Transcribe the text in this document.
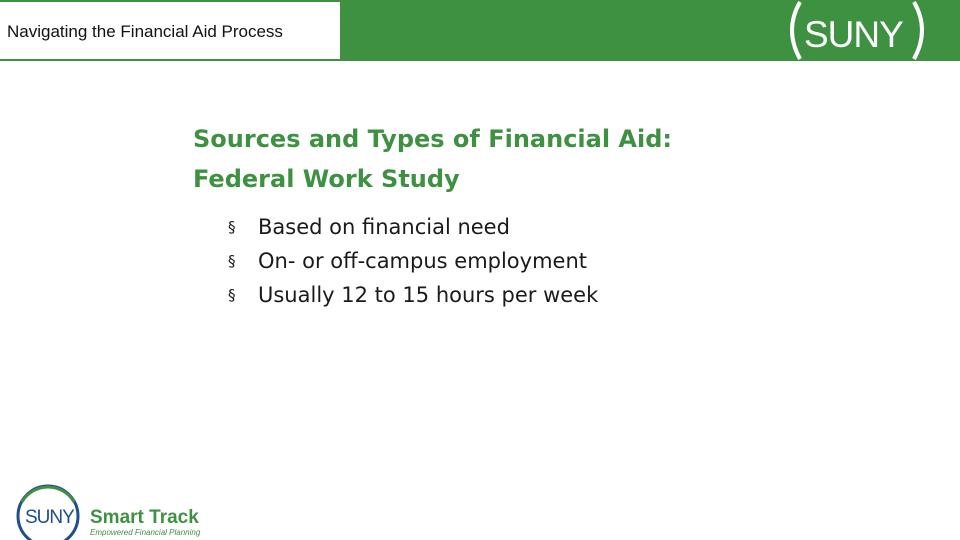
Navigating the Financial Aid Process	SUNY
Sources and Types of Financial Aid:
Federal Work Study
§ Based on financial need
§ On- or off-campus employment
§ Usually 12 to 15 hours per week
SUNY Smart Track
Empowered Financial Planning
